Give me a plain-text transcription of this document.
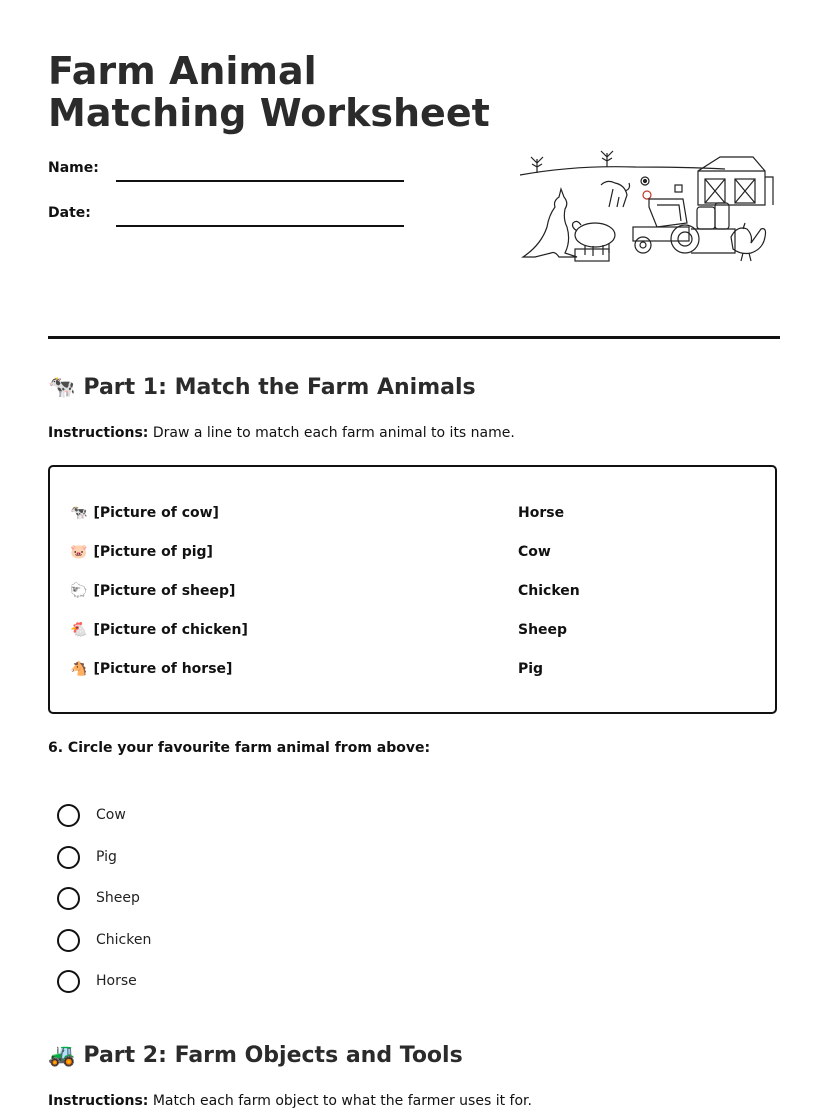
Farm Animal Matching Worksheet
Name:
Date:
🐄 Part 1: Match the Farm Animals
Instructions: Draw a line to match each farm animal to its name.
🐄 [Picture of cow]	Horse
🐷 [Picture of pig]	Cow
🐑 [Picture of sheep]	Chicken
🐔 [Picture of chicken]	Sheep
🐴 [Picture of horse]	Pig
6. Circle your favourite farm animal from above:
Cow
Pig
Sheep
Chicken
Horse
🚜 Part 2: Farm Objects and Tools
Instructions: Match each farm object to what the farmer uses it for.
